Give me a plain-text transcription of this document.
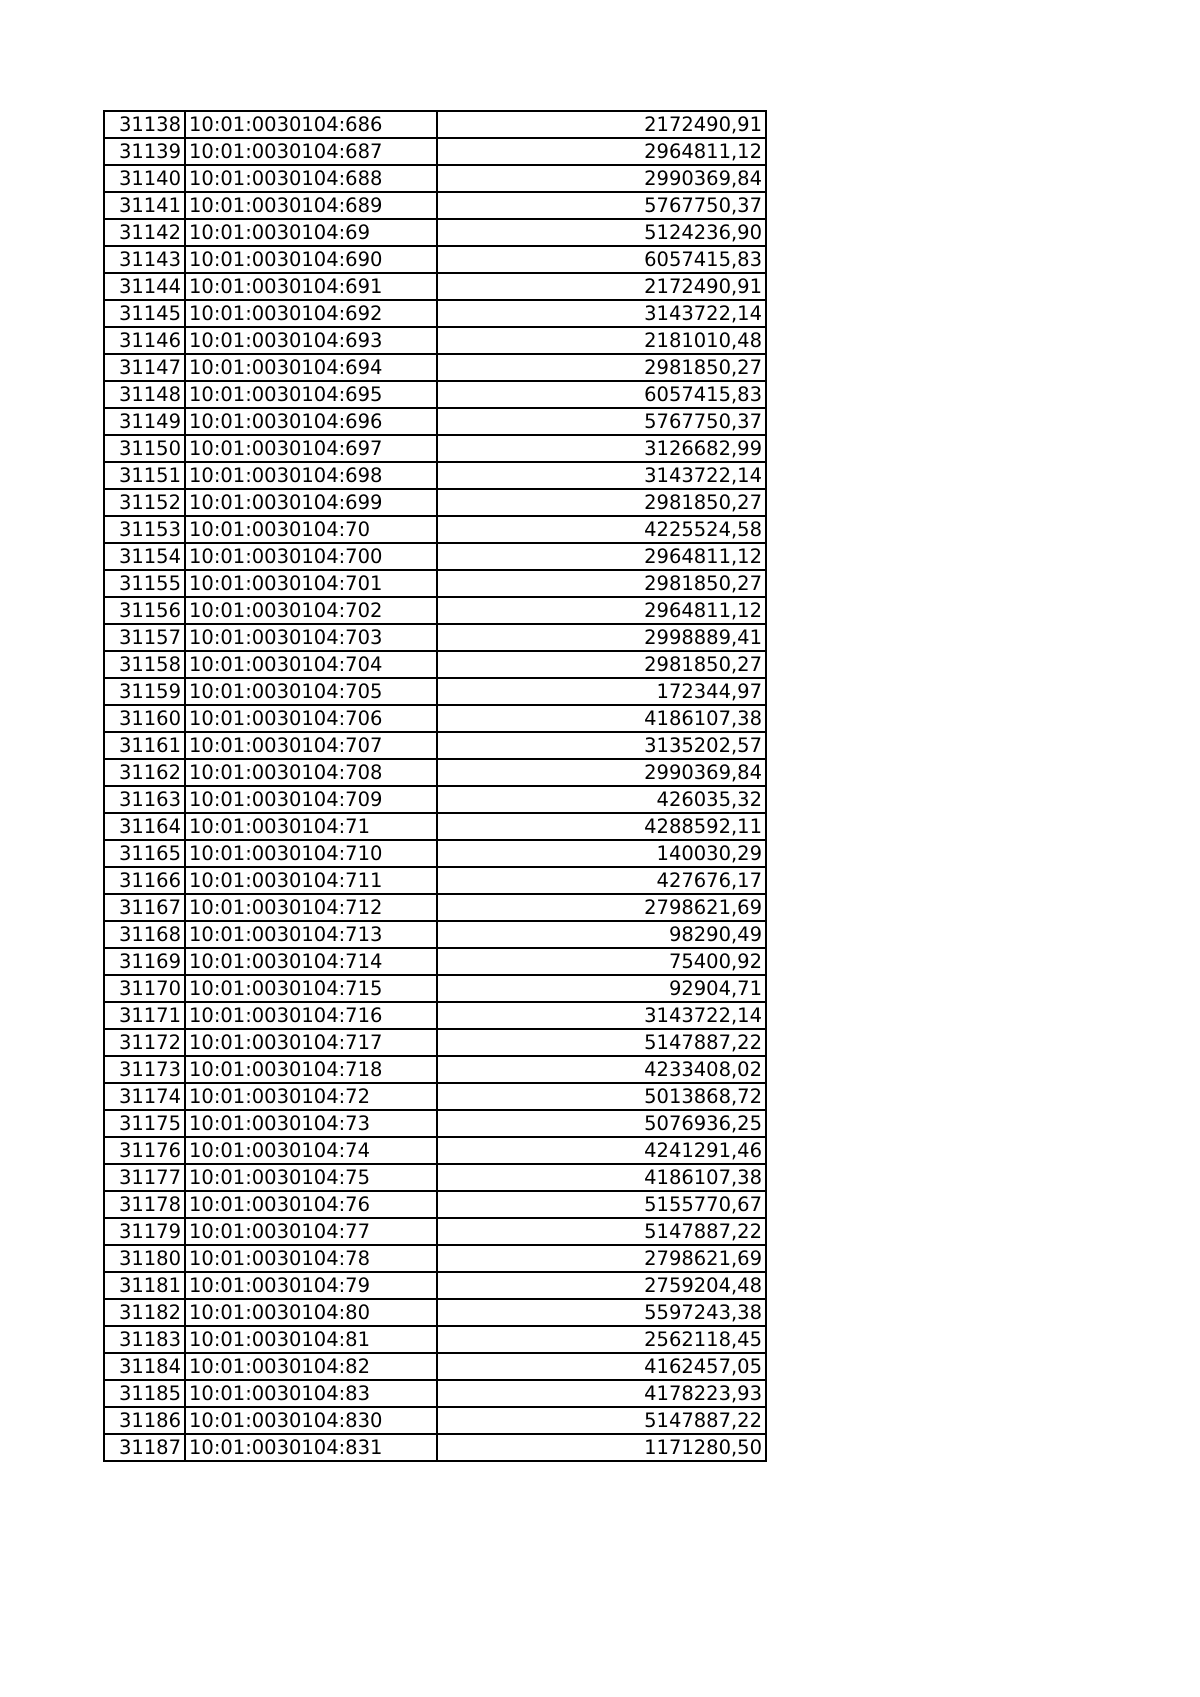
31138	10:01:0030104:686	2172490,91
31139	10:01:0030104:687	2964811,12
31140	10:01:0030104:688	2990369,84
31141	10:01:0030104:689	5767750,37
31142	10:01:0030104:69	5124236,90
31143	10:01:0030104:690	6057415,83
31144	10:01:0030104:691	2172490,91
31145	10:01:0030104:692	3143722,14
31146	10:01:0030104:693	2181010,48
31147	10:01:0030104:694	2981850,27
31148	10:01:0030104:695	6057415,83
31149	10:01:0030104:696	5767750,37
31150	10:01:0030104:697	3126682,99
31151	10:01:0030104:698	3143722,14
31152	10:01:0030104:699	2981850,27
31153	10:01:0030104:70	4225524,58
31154	10:01:0030104:700	2964811,12
31155	10:01:0030104:701	2981850,27
31156	10:01:0030104:702	2964811,12
31157	10:01:0030104:703	2998889,41
31158	10:01:0030104:704	2981850,27
31159	10:01:0030104:705	172344,97
31160	10:01:0030104:706	4186107,38
31161	10:01:0030104:707	3135202,57
31162	10:01:0030104:708	2990369,84
31163	10:01:0030104:709	426035,32
31164	10:01:0030104:71	4288592,11
31165	10:01:0030104:710	140030,29
31166	10:01:0030104:711	427676,17
31167	10:01:0030104:712	2798621,69
31168	10:01:0030104:713	98290,49
31169	10:01:0030104:714	75400,92
31170	10:01:0030104:715	92904,71
31171	10:01:0030104:716	3143722,14
31172	10:01:0030104:717	5147887,22
31173	10:01:0030104:718	4233408,02
31174	10:01:0030104:72	5013868,72
31175	10:01:0030104:73	5076936,25
31176	10:01:0030104:74	4241291,46
31177	10:01:0030104:75	4186107,38
31178	10:01:0030104:76	5155770,67
31179	10:01:0030104:77	5147887,22
31180	10:01:0030104:78	2798621,69
31181	10:01:0030104:79	2759204,48
31182	10:01:0030104:80	5597243,38
31183	10:01:0030104:81	2562118,45
31184	10:01:0030104:82	4162457,05
31185	10:01:0030104:83	4178223,93
31186	10:01:0030104:830	5147887,22
31187	10:01:0030104:831	1171280,50
